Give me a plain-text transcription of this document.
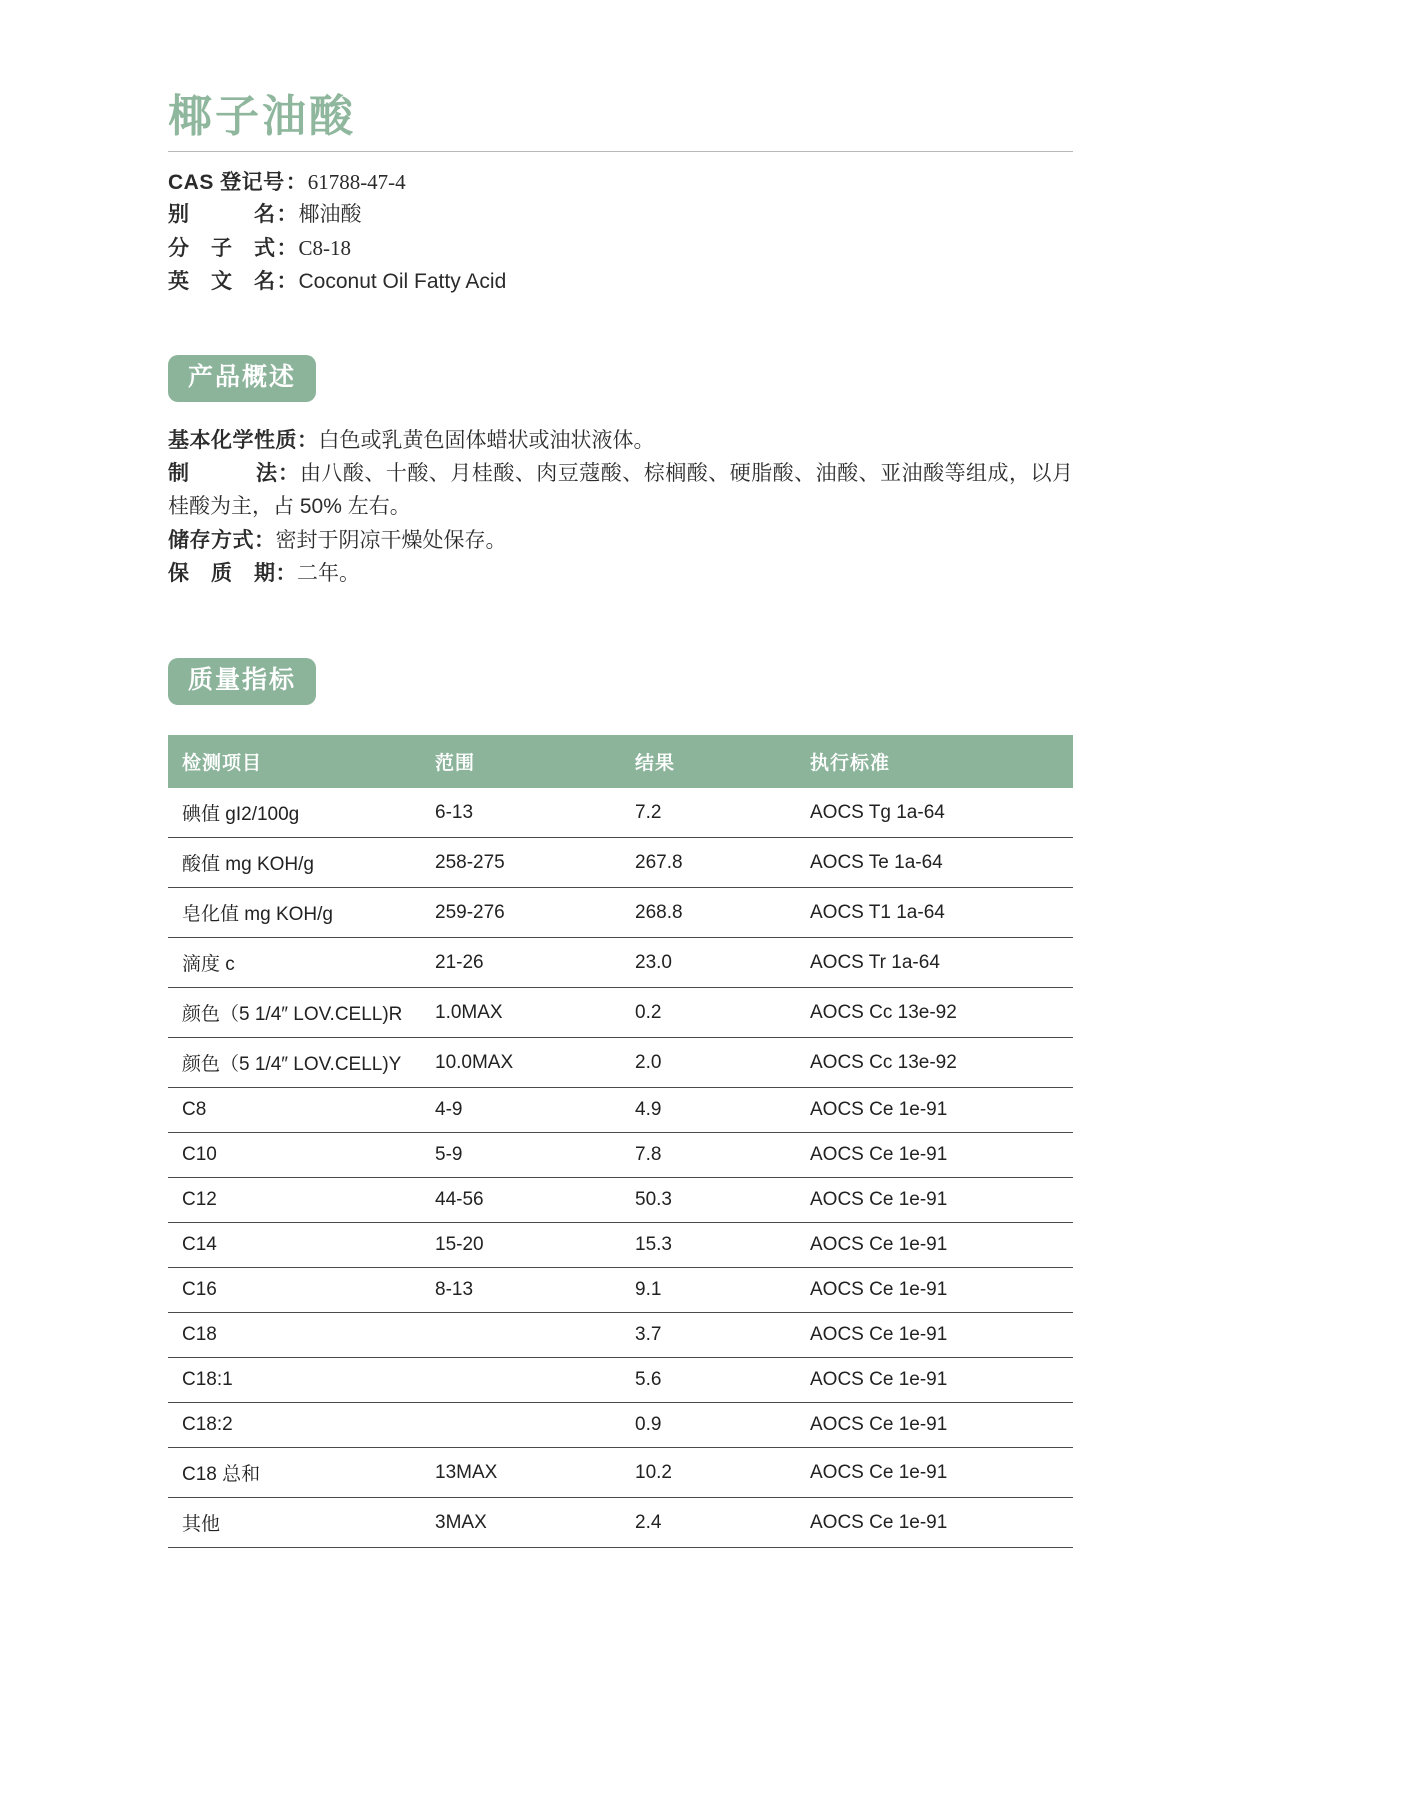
椰子油酸
CAS 登记号 ： 61788-47-4
别　　　名 ： 椰油酸
分　子　式 ： C8-18
英　文　名 ： Coconut Oil Fatty Acid
产品概述

基本化学性质：白色或乳黄色固体蜡状或油状液体。

制　　　法：由八酸、十酸、月桂酸、肉豆蔻酸、棕榈酸、硬脂酸、油酸、亚油酸等组成，以月桂酸为主，占 50% 左右。

储存方式：密封于阴凉干燥处保存。

保　质　期：二年。

质量指标
检测项目	范围	结果	执行标准
碘值 gI2/100g	6-13	7.2	AOCS Tg 1a-64
酸值 mg KOH/g	258-275	267.8	AOCS Te 1a-64
皂化值 mg KOH/g	259-276	268.8	AOCS T1 1a-64
滴度 c	21-26	23.0	AOCS Tr 1a-64
颜色（5 1/4″ LOV.CELL)R	1.0MAX	0.2	AOCS Cc 13e-92
颜色（5 1/4″ LOV.CELL)Y	10.0MAX	2.0	AOCS Cc 13e-92
C8	4-9	4.9	AOCS Ce 1e-91
C10	5-9	7.8	AOCS Ce 1e-91
C12	44-56	50.3	AOCS Ce 1e-91
C14	15-20	15.3	AOCS Ce 1e-91
C16	8-13	9.1	AOCS Ce 1e-91
C18		3.7	AOCS Ce 1e-91
C18:1		5.6	AOCS Ce 1e-91
C18:2		0.9	AOCS Ce 1e-91
C18 总和	13MAX	10.2	AOCS Ce 1e-91
其他	3MAX	2.4	AOCS Ce 1e-91
